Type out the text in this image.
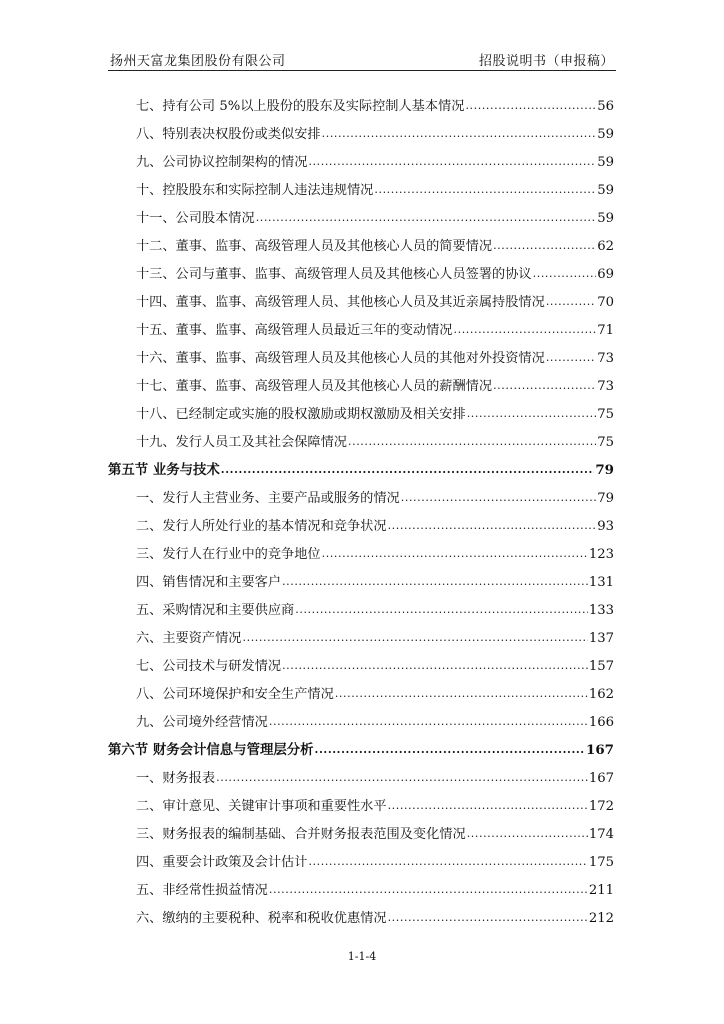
扬州天富龙集团股份有限公司	招股说明书（申报稿）
七、持有公司 5%以上股份的股东及实际控制人基本情况 .....	56
八、特别表决权股份或类似安排 .....	59
九、公司协议控制架构的情况 .....	59
十、控股股东和实际控制人违法违规情况 .....	59
十一、公司股本情况 .....	59
十二、董事、监事、高级管理人员及其他核心人员的简要情况 .....	62
十三、公司与董事、监事、高级管理人员及其他核心人员签署的协议 .....	69
十四、董事、监事、高级管理人员、其他核心人员及其近亲属持股情况 .....	70
十五、董事、监事、高级管理人员最近三年的变动情况 .....	71
十六、董事、监事、高级管理人员及其他核心人员的其他对外投资情况 .....	73
十七、董事、监事、高级管理人员及其他核心人员的薪酬情况 .....	73
十八、已经制定或实施的股权激励或期权激励及相关安排 .....	75
十九、发行人员工及其社会保障情况 .....	75
第五节 业务与技术 .....	79
一、发行人主营业务、主要产品或服务的情况 .....	79
二、发行人所处行业的基本情况和竞争状况 .....	93
三、发行人在行业中的竞争地位 .....	123
四、销售情况和主要客户 .....	131
五、采购情况和主要供应商 .....	133
六、主要资产情况 .....	137
七、公司技术与研发情况 .....	157
八、公司环境保护和安全生产情况 .....	162
九、公司境外经营情况 .....	166
第六节 财务会计信息与管理层分析 .....	167
一、财务报表 .....	167
二、审计意见、关键审计事项和重要性水平 .....	172
三、财务报表的编制基础、合并财务报表范围及变化情况 .....	174
四、重要会计政策及会计估计 .....	175
五、非经常性损益情况 .....	211
六、缴纳的主要税种、税率和税收优惠情况 .....	212
1-1-4
